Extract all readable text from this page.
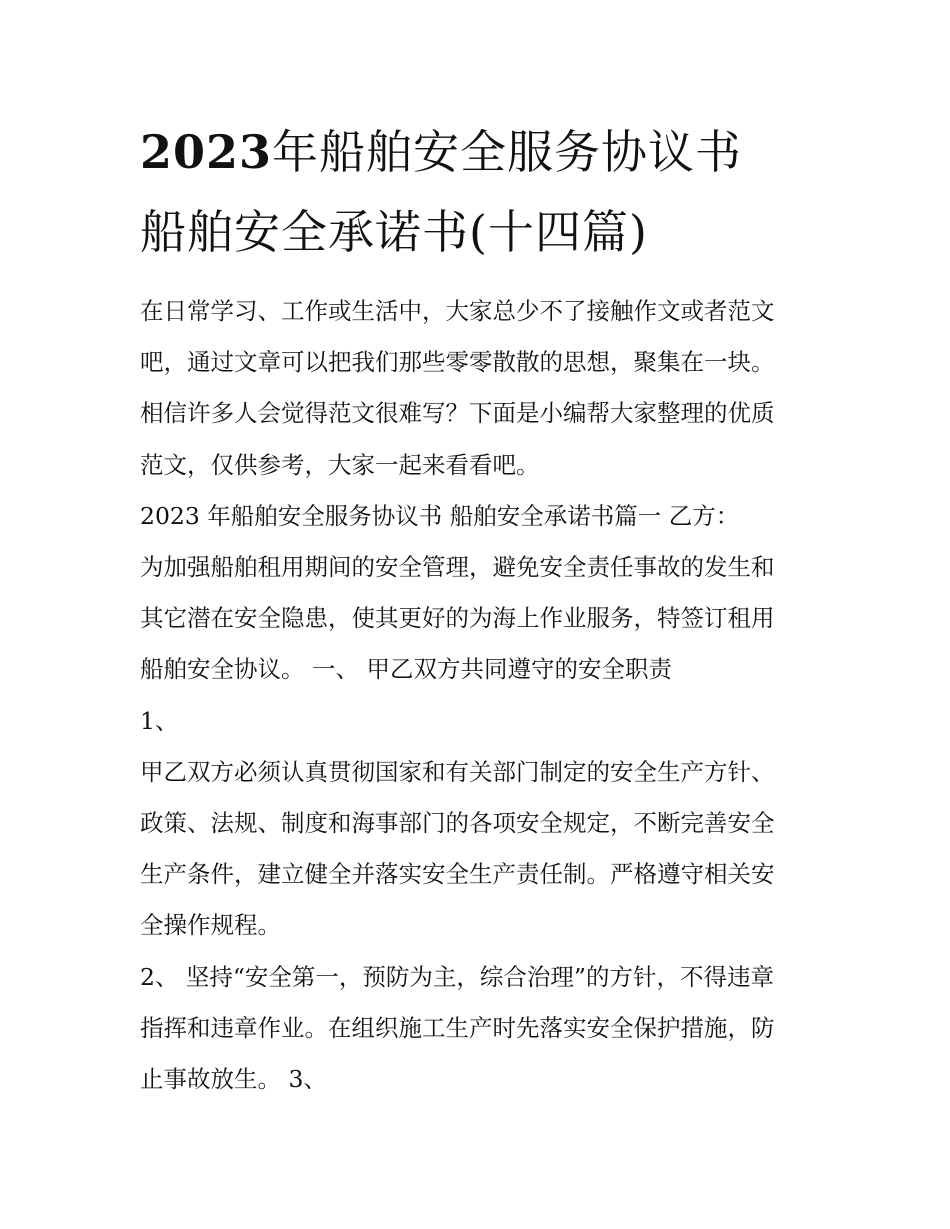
2023年船舶安全服务协议书
船舶安全承诺书(十四篇)
在日常学习、工作或生活中，大家总少不了接触作文或者范文
吧，通过文章可以把我们那些零零散散的思想，聚集在一块。
相信许多人会觉得范文很难写？下面是小编帮大家整理的优质
范文，仅供参考，大家一起来看看吧。
2023 年船舶安全服务协议书 船舶安全承诺书篇一 乙方：
为加强船舶租用期间的安全管理，避免安全责任事故的发生和
其它潜在安全隐患，使其更好的为海上作业服务，特签订租用
船舶安全协议。 一、 甲乙双方共同遵守的安全职责
1、
甲乙双方必须认真贯彻国家和有关部门制定的安全生产方针、
政策、法规、制度和海事部门的各项安全规定，不断完善安全
生产条件，建立健全并落实安全生产责任制。严格遵守相关安
全操作规程。
2、 坚持“安全第一，预防为主，综合治理”的方针，不得违章
指挥和违章作业。在组织施工生产时先落实安全保护措施，防
止事故放生。 3、
